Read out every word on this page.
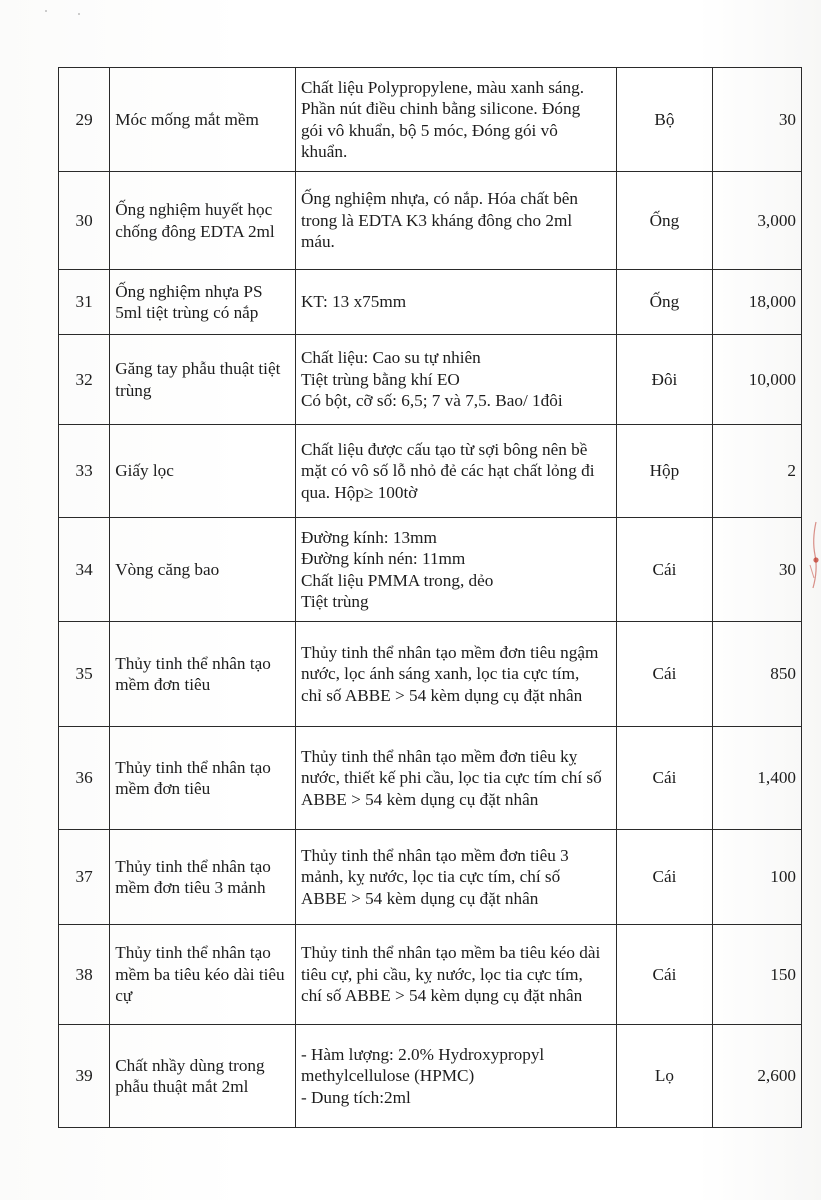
29	Móc mống mắt mềm	Chất liệu Polypropylene, màu xanh sáng.
Phần nút điều chinh bằng silicone. Đóng
gói vô khuẩn, bộ 5 móc, Đóng gói vô
khuẩn.	Bộ	30
30	Ống nghiệm huyết học chống đông EDTA 2ml	Ống nghiệm nhựa, có nắp. Hóa chất bên
trong là EDTA K3 kháng đông cho 2ml
máu.	Ống	3,000
31	Ống nghiệm nhựa PS 5ml tiệt trùng có nắp	KT: 13 x75mm	Ống	18,000
32	Găng tay phẫu thuật tiệt trùng	Chất liệu: Cao su tự nhiên
Tiệt trùng bằng khí EO
Có bột, cỡ số: 6,5; 7 và 7,5. Bao/ 1đôi	Đôi	10,000
33	Giấy lọc	Chất liệu được cấu tạo từ sợi bông nên bề
mặt có vô số lỗ nhỏ đẻ các hạt chất lỏng đi
qua. Hộp≥ 100tờ	Hộp	2
34	Vòng căng bao	Đường kính: 13mm
Đường kính nén: 11mm
Chất liệu PMMA trong, dẻo
Tiệt trùng	Cái	30
35	Thủy tinh thể nhân tạo mềm đơn tiêu	Thủy tinh thể nhân tạo mềm đơn tiêu ngậm
nước, lọc ánh sáng xanh, lọc tia cực tím,
chỉ số ABBE > 54 kèm dụng cụ đặt nhân	Cái	850
36	Thủy tinh thể nhân tạo mềm đơn tiêu	Thủy tinh thể nhân tạo mềm đơn tiêu kỵ
nước, thiết kế phi cầu, lọc tia cực tím chí số
ABBE > 54 kèm dụng cụ đặt nhân	Cái	1,400
37	Thủy tinh thể nhân tạo mềm đơn tiêu 3 mảnh	Thủy tinh thể nhân tạo mềm đơn tiêu 3
mảnh, kỵ nước, lọc tia cực tím, chí số
ABBE > 54 kèm dụng cụ đặt nhân	Cái	100
38	Thủy tinh thể nhân tạo mềm ba tiêu kéo dài tiêu cự	Thủy tinh thể nhân tạo mềm ba tiêu kéo dài
tiêu cự, phi cầu, kỵ nước, lọc tia cực tím,
chí số ABBE > 54 kèm dụng cụ đặt nhân	Cái	150
39	Chất nhầy dùng trong phẫu thuật mắt 2ml	- Hàm lượng: 2.0% Hydroxypropyl
methylcellulose (HPMC)
- Dung tích:2ml	Lọ	2,600
